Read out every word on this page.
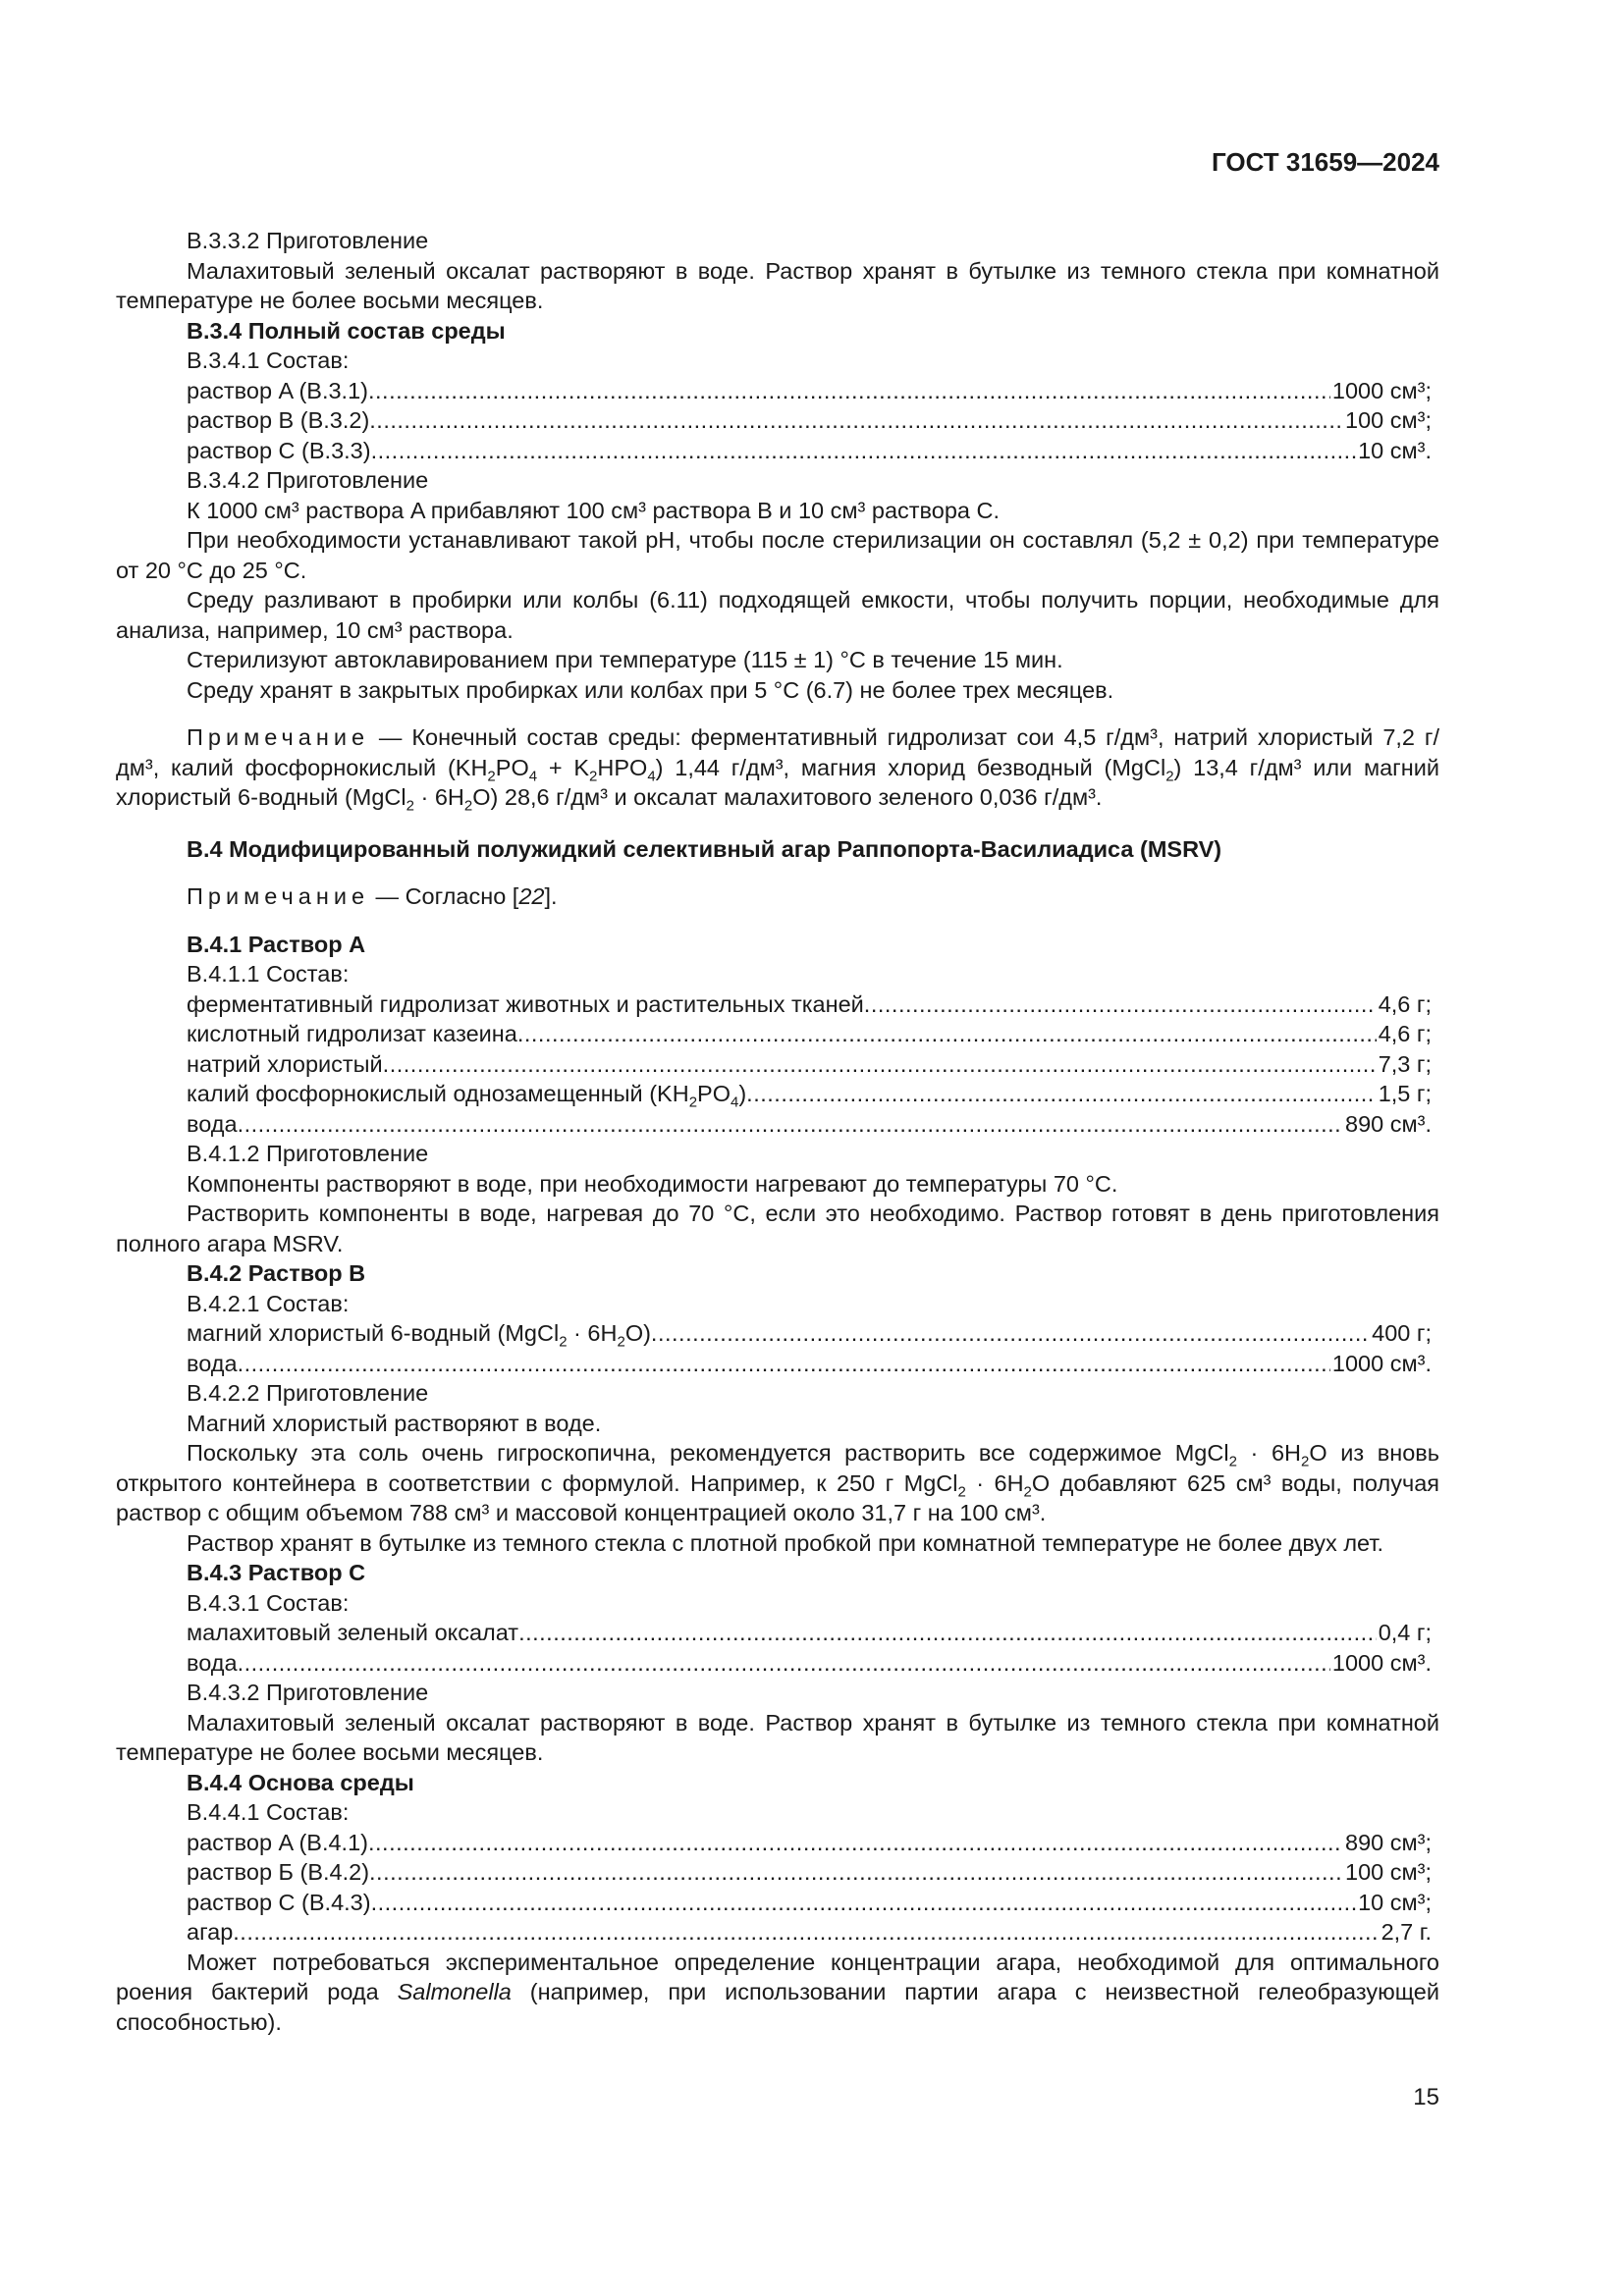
ГОСТ 31659—2024

В.3.3.2 Приготовление

Малахитовый зеленый оксалат растворяют в воде. Раствор хранят в бутылке из темного стекла при комнатной температуре не более восьми месяцев.

В.3.4 Полный состав среды

В.3.4.1 Состав:

раствор A (В.3.1) .....	1000 см³;
раствор В (В.3.2) .....	100 см³;
раствор С (В.3.3) .....	10 см³.

В.3.4.2 Приготовление

К 1000 см³ раствора A прибавляют 100 см³ раствора В и 10 см³ раствора С.

При необходимости устанавливают такой pH, чтобы после стерилизации он составлял (5,2 ± 0,2) при температуре от 20 °C до 25 °C.

Среду разливают в пробирки или колбы (6.11) подходящей емкости, чтобы получить порции, необходимые для анализа, например, 10 см³ раствора.

Стерилизуют автоклавированием при температуре (115 ± 1) °C в течение 15 мин.

Среду хранят в закрытых пробирках или колбах при 5 °C (6.7) не более трех месяцев.

Примечание — Конечный состав среды: ферментативный гидролизат сои 4,5 г/дм³, натрий хлористый 7,2 г/дм³, калий фосфорнокислый $(KH_2PO_4 + K_2HPO_4)$ 1,44 г/дм³, магния хлорид безводный (MgCl$_2$) 13,4 г/дм³ или магний хлористый 6-водный (MgCl$_2$ · $6H_2O$) 28,6 г/дм³ и оксалат малахитового зеленого 0,036 г/дм³.

В.4 Модифицированный полужидкий селективный агар Раппопорта-Василиадиса (MSRV)

Примечание — Согласно [22].

В.4.1 Раствор A

В.4.1.1 Состав:

ферментативный гидролизат животных и растительных тканей .....	4,6 г;
кислотный гидролизат казеина .....	4,6 г;
натрий хлористый .....	7,3 г;
калий фосфорнокислый однозамещенный $(KH_2PO_4)$ .....	1,5 г;
вода .....	890 см³.

В.4.1.2 Приготовление

Компоненты растворяют в воде, при необходимости нагревают до температуры 70 °C.

Растворить компоненты в воде, нагревая до 70 °C, если это необходимо. Раствор готовят в день приготовления полного агара MSRV.

В.4.2 Раствор В

В.4.2.1 Состав:

магний хлористый 6-водный (MgCl$_2$ · $6H_2O$) .....	400 г;
вода .....	1000 см³.

В.4.2.2 Приготовление

Магний хлористый растворяют в воде.

Поскольку эта соль очень гигроскопична, рекомендуется растворить все содержимое MgCl$_2$ · $6H_2O$ из вновь открытого контейнера в соответствии с формулой. Например, к 250 г MgCl$_2$ · $6H_2O$ добавляют 625 см³ воды, получая раствор с общим объемом 788 см³ и массовой концентрацией около 31,7 г на 100 см³.

Раствор хранят в бутылке из темного стекла с плотной пробкой при комнатной температуре не более двух лет.

В.4.3 Раствор С

В.4.3.1 Состав:

малахитовый зеленый оксалат .....	0,4 г;
вода .....	1000 см³.

В.4.3.2 Приготовление

Малахитовый зеленый оксалат растворяют в воде. Раствор хранят в бутылке из темного стекла при комнатной температуре не более восьми месяцев.

В.4.4 Основа среды

В.4.4.1 Состав:

раствор A (В.4.1) .....	890 см³;
раствор Б (В.4.2) .....	100 см³;
раствор С (В.4.3) .....	10 см³;
агар .....	2,7 г.

Может потребоваться экспериментальное определение концентрации агара, необходимой для оптимального роения бактерий рода Salmonella (например, при использовании партии агара с неизвестной гелеобразующей способностью).

15
